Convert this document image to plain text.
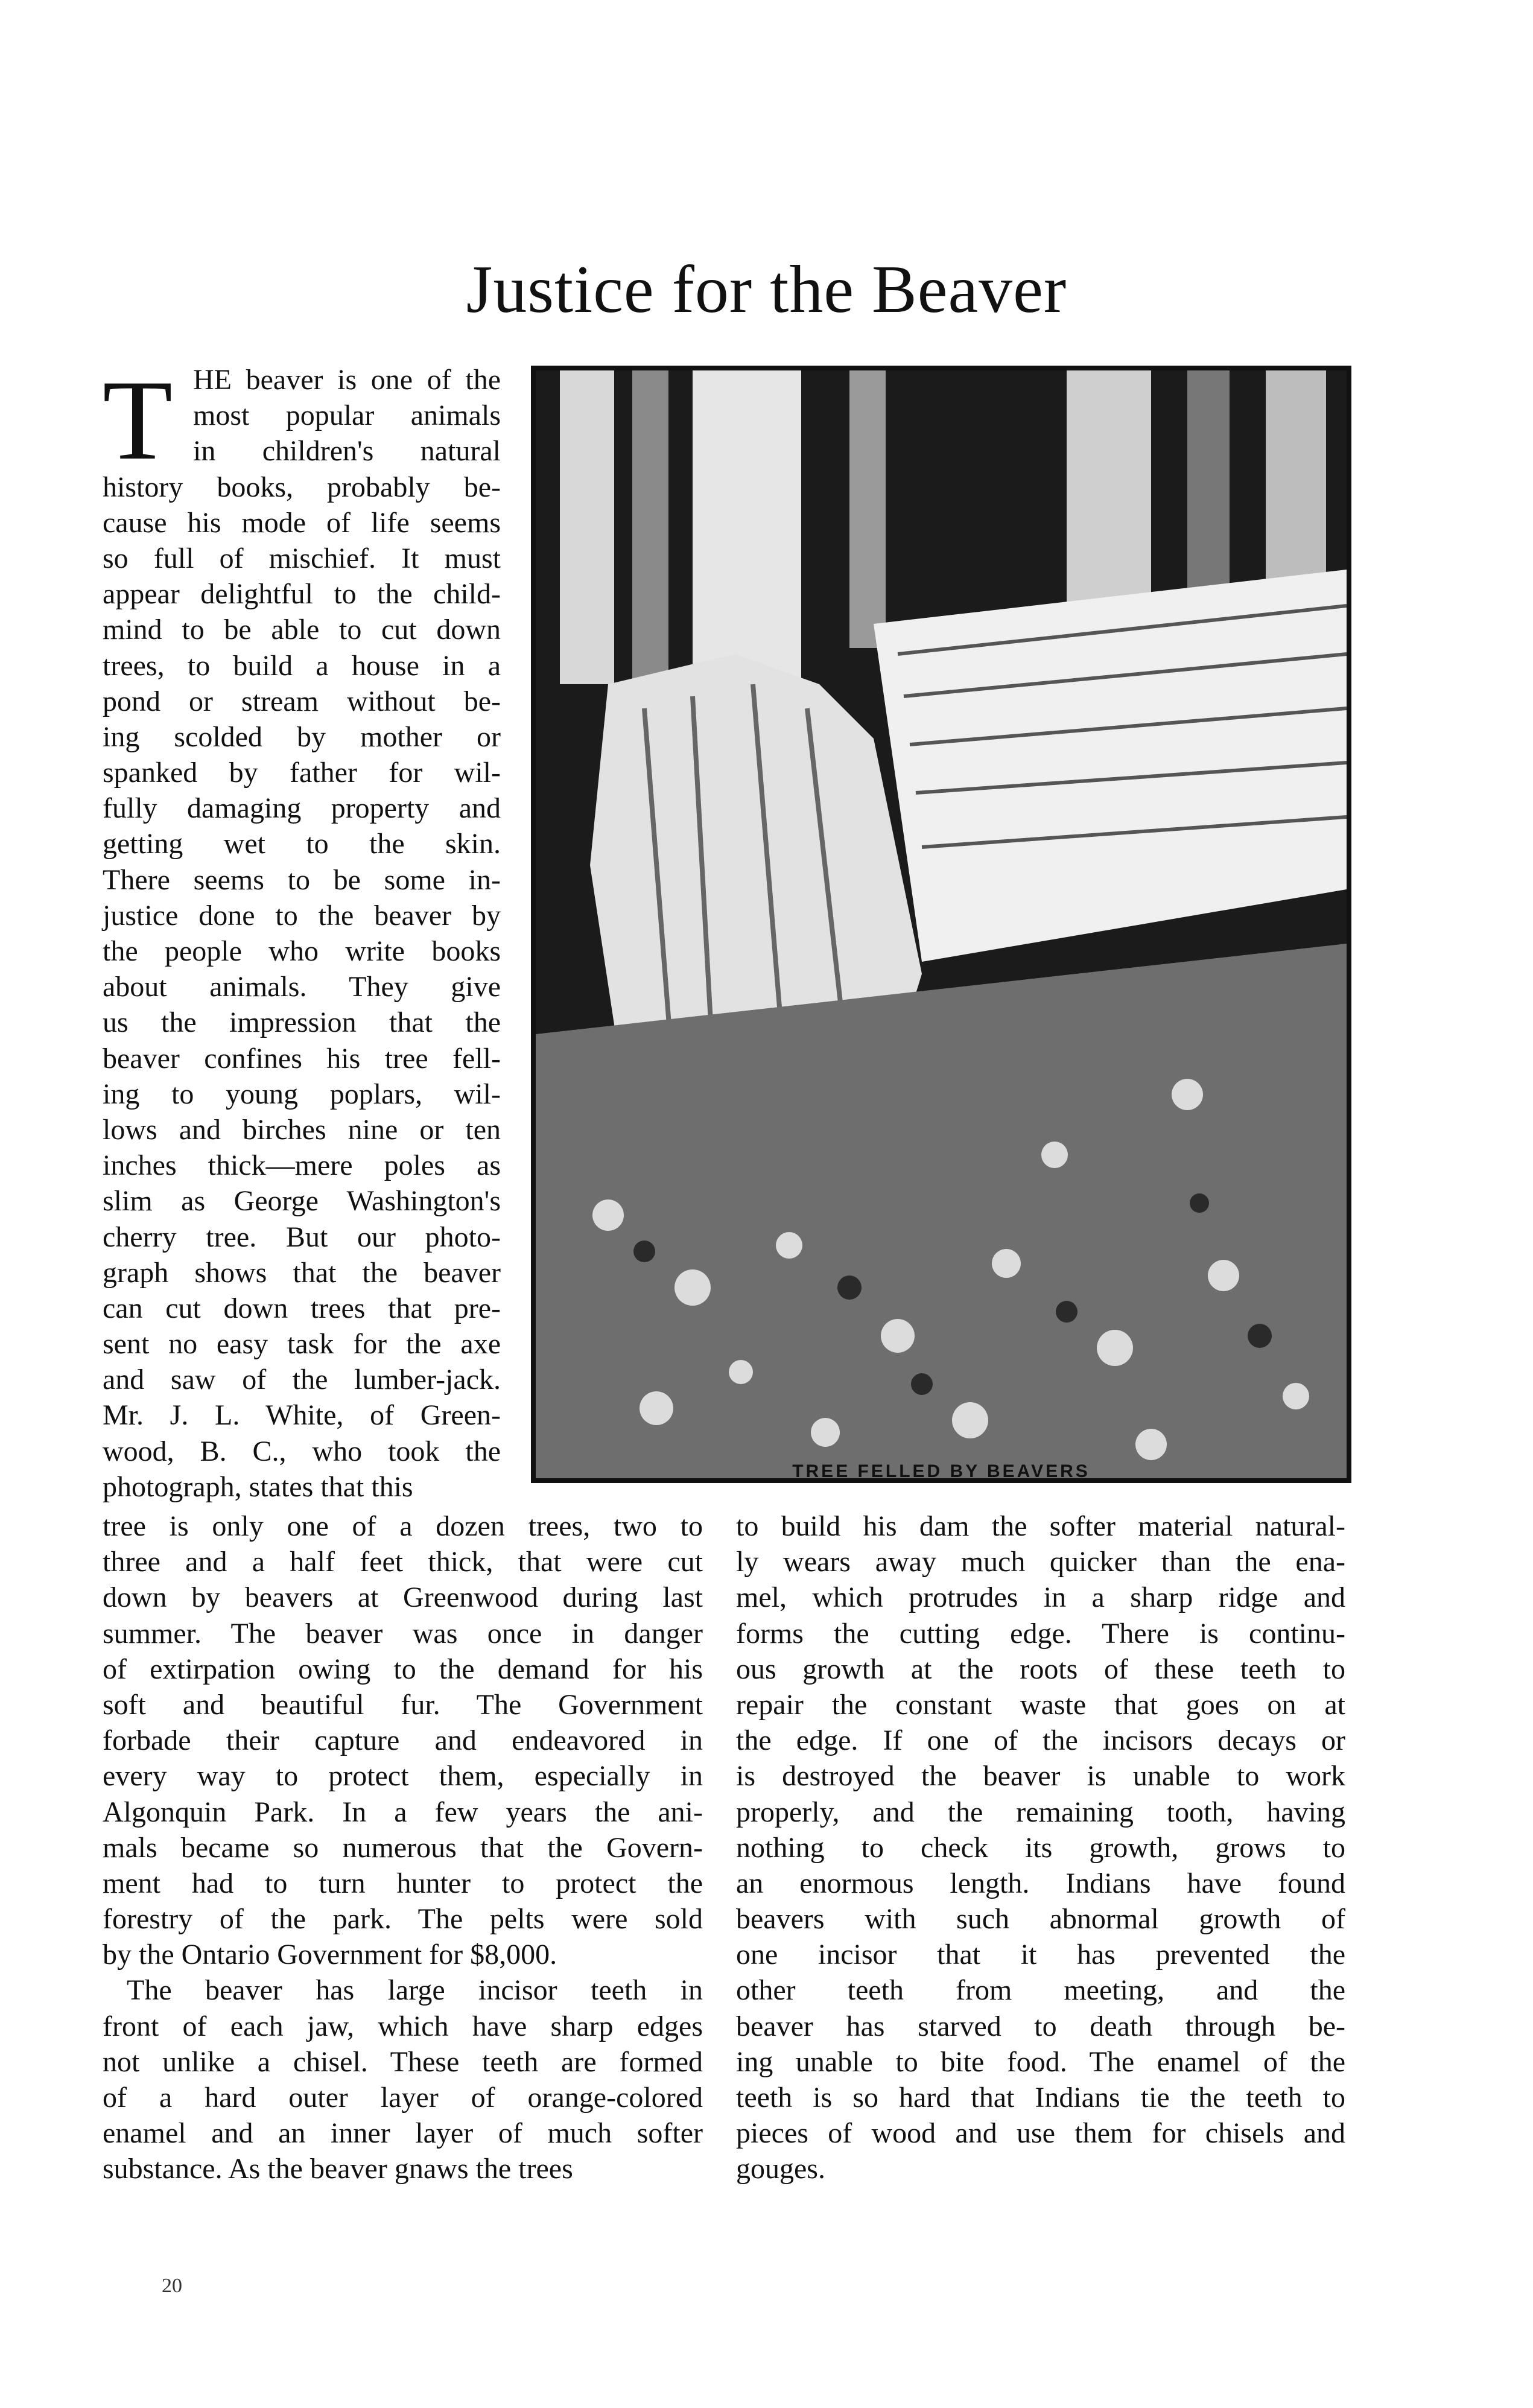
Justice for the Beaver
T HE beaver is one of the
most popular animals
in children's natural
history books, probably be-
cause his mode of life seems
so full of mischief. It must
appear delightful to the child-
mind to be able to cut down
trees, to build a house in a
pond or stream without be-
ing scolded by mother or
spanked by father for wil-
fully damaging property and
getting wet to the skin.
There seems to be some in-
justice done to the beaver by
the people who write books
about animals. They give
us the impression that the
beaver confines his tree fell-
ing to young poplars, wil-
lows and birches nine or ten
inches thick—mere poles as
slim as George Washington's
cherry tree. But our photo-
graph shows that the beaver
can cut down trees that pre-
sent no easy task for the axe
and saw of the lumber-jack.
Mr. J. L. White, of Green-
wood, B. C., who took the
photograph, states that this	TREE FELLED BY BEAVERS
tree is only one of a dozen trees, two to
three and a half feet thick, that were cut
down by beavers at Greenwood during last
summer. The beaver was once in danger
of extirpation owing to the demand for his
soft and beautiful fur. The Government
forbade their capture and endeavored in
every way to protect them, especially in
Algonquin Park. In a few years the ani-
mals became so numerous that the Govern-
ment had to turn hunter to protect the
forestry of the park. The pelts were sold
by the Ontario Government for $8,000.
The beaver has large incisor teeth in
front of each jaw, which have sharp edges
not unlike a chisel. These teeth are formed
of a hard outer layer of orange-colored
enamel and an inner layer of much softer
substance. As the beaver gnaws the trees
to build his dam the softer material natural-
ly wears away much quicker than the ena-
mel, which protrudes in a sharp ridge and
forms the cutting edge. There is continu-
ous growth at the roots of these teeth to
repair the constant waste that goes on at
the edge. If one of the incisors decays or
is destroyed the beaver is unable to work
properly, and the remaining tooth, having
nothing to check its growth, grows to
an enormous length. Indians have found
beavers with such abnormal growth of
one incisor that it has prevented the
other teeth from meeting, and the
beaver has starved to death through be-
ing unable to bite food. The enamel of the
teeth is so hard that Indians tie the teeth to
pieces of wood and use them for chisels and
gouges.
20
